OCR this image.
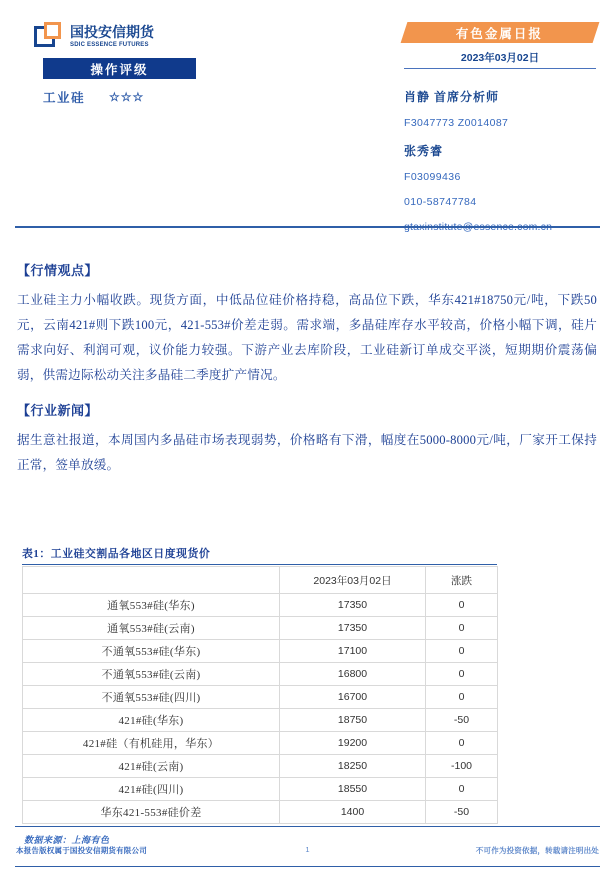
国投安信期货
SDIC ESSENCE FUTURES
操作评级
工业硅 ☆☆☆
有色金属日报
2023年03月02日
肖静 首席分析师
F3047773 Z0014087
张秀睿
F03099436
010-58747784
gtaxinstitute@essence.com.cn
【行情观点】
工业硅主力小幅收跌。现货方面，中低品位硅价格持稳，高品位下跌，华东421#18750元/吨，下跌50元，云南421#则下跌100元，421-553#价差走弱。需求端，多晶硅库存水平较高，价格小幅下调，硅片需求向好、利润可观，议价能力较强。下游产业去库阶段，工业硅新订单成交平淡，短期期价震荡偏弱，供需边际松动关注多晶硅二季度扩产情况。
【行业新闻】
据生意社报道，本周国内多晶硅市场表现弱势，价格略有下滑，幅度在5000-8000元/吨，厂家开工保持正常，签单放缓。
表1：工业硅交割品各地区日度现货价
	2023年03月02日	涨跌
通氧553#硅(华东)	17350	0
通氧553#硅(云南)	17350	0
不通氧553#硅(华东)	17100	0
不通氧553#硅(云南)	16800	0
不通氧553#硅(四川)	16700	0
421#硅(华东)	18750	-50
421#硅（有机硅用，华东）	19200	0
421#硅(云南)	18250	-100
421#硅(四川)	18550	0
华东421-553#硅价差	1400	-50
数据来源：上海有色
本报告版权属于国投安信期货有限公司	1	不可作为投资依据，转载请注明出处
